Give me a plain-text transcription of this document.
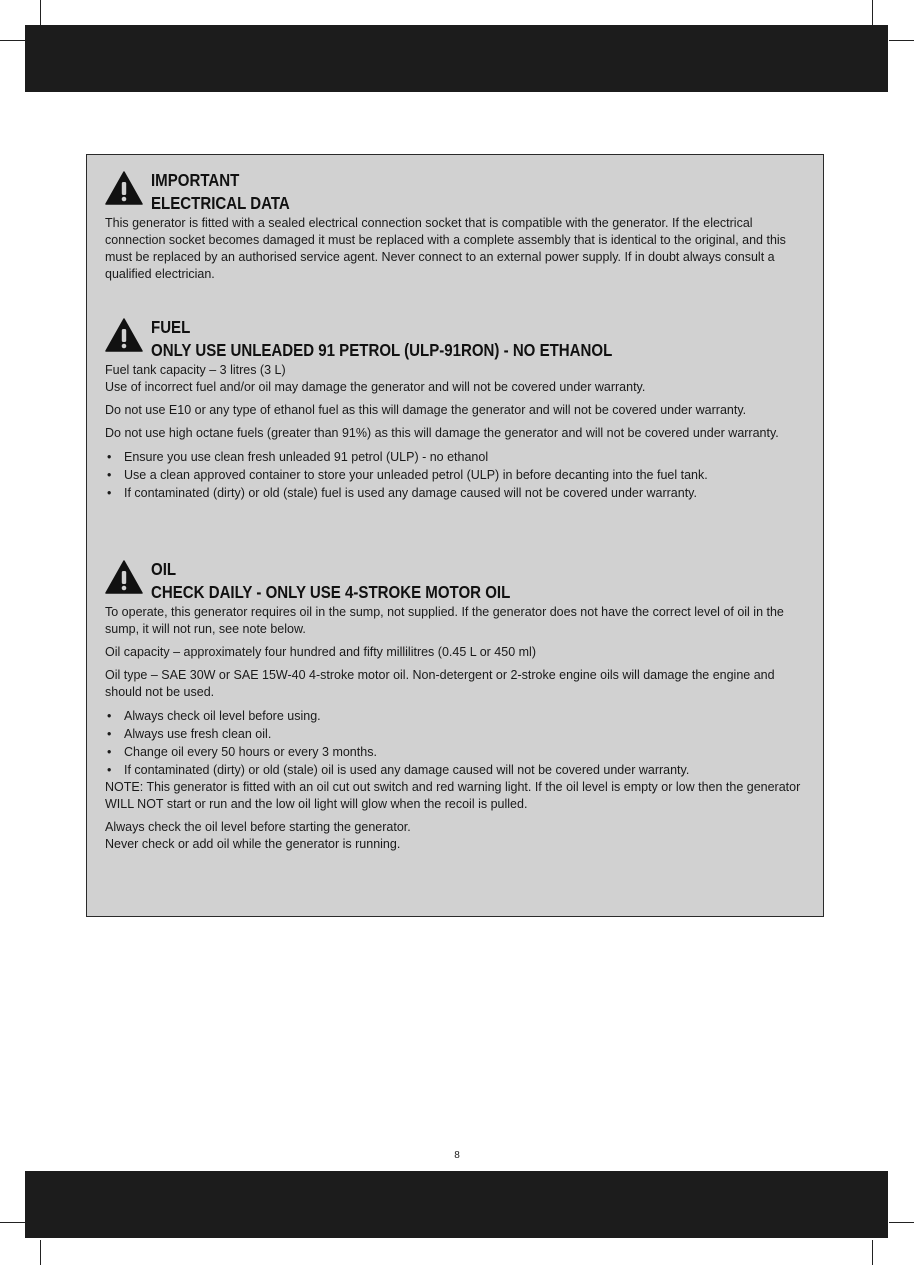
IMPORTANT
ELECTRICAL DATA

This generator is fitted with a sealed electrical connection socket that is compatible with the generator. If the electrical connection socket becomes damaged it must be replaced with a complete assembly that is identical to the original, and this must be replaced by an authorised service agent. Never connect to an external power supply. If in doubt always consult a qualified electrician.

FUEL
ONLY USE UNLEADED 91 PETROL (ULP-91RON) - NO ETHANOL

Fuel tank capacity – 3 litres (3 L)

Use of incorrect fuel and/or oil may damage the generator and will not be covered under warranty.

Do not use E10 or any type of ethanol fuel as this will damage the generator and will not be covered under warranty.

Do not use high octane fuels (greater than 91%) as this will damage the generator and will not be covered under warranty.

• Ensure you use clean fresh unleaded 91 petrol (ULP) - no ethanol
• Use a clean approved container to store your unleaded petrol (ULP) in before decanting into the fuel tank.
• If contaminated (dirty) or old (stale) fuel is used any damage caused will not be covered under warranty.
OIL
CHECK DAILY - ONLY USE 4-STROKE MOTOR OIL

To operate, this generator requires oil in the sump, not supplied. If the generator does not have the correct level of oil in the sump, it will not run, see note below.

Oil capacity – approximately four hundred and fifty millilitres (0.45 L or 450 ml)

Oil type – SAE 30W or SAE 15W-40 4-stroke motor oil. Non-detergent or 2-stroke engine oils will damage the engine and should not be used.

• Always check oil level before using.
• Always use fresh clean oil.
• Change oil every 50 hours or every 3 months.
• If contaminated (dirty) or old (stale) oil is used any damage caused will not be covered under warranty.

NOTE: This generator is fitted with an oil cut out switch and red warning light. If the oil level is empty or low then the generator WILL NOT start or run and the low oil light will glow when the recoil is pulled.

Always check the oil level before starting the generator.

Never check or add oil while the generator is running.

8
